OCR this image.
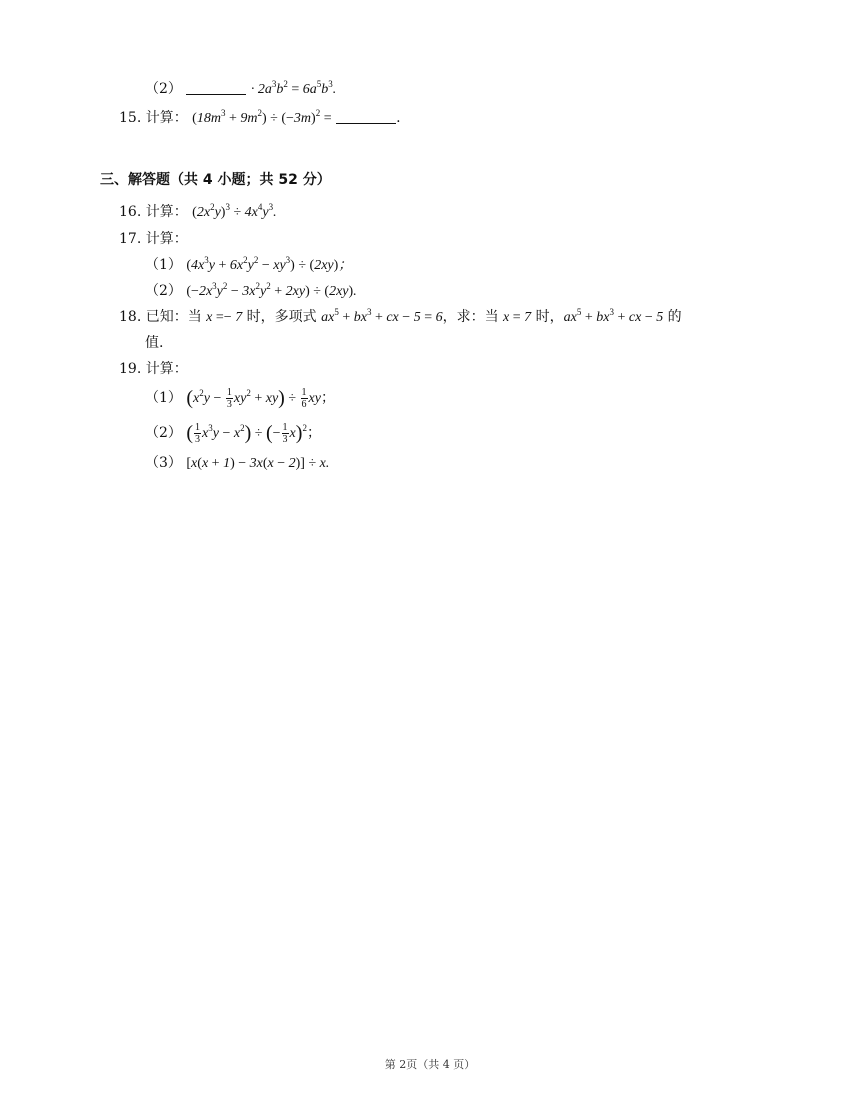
（2）	· $2a^3b^2 = 6a^5b^3$.
15. 计算： $(18m^3 + 9m^2) \div (-3m)^2$ =	.
三、解答题（共 4 小题；共 52 分）
16. 计算： $(2x^2y)^3 \div 4x^4y^3$.
17. 计算：
（1） $(4x^3y + 6x^2y^2 - xy^3) \div (2xy)$；
（2） $(-2x^3y^2 - 3x^2y^2 + 2xy) \div (2xy)$.
18. 已知：当 x =− 7 时，多项式 $ax^5 + bx^3$ + cx − 5 = 6，求：当 x = 7 时，$ax^5 + bx^3$ + cx − 5 的
值.
19. 计算：
（1） $(x^2y - \frac{1}{3} xy^2 + xy) \div \frac{1}{6}$ xy；
（2） ( $\frac{1}{3} x^3y - x^2$) ÷ (− $\frac{1}{3} x)^2$；
（3） [x(x + 1) − 3x(x − 2)] ÷ x.
第 2页（共 4 页）
